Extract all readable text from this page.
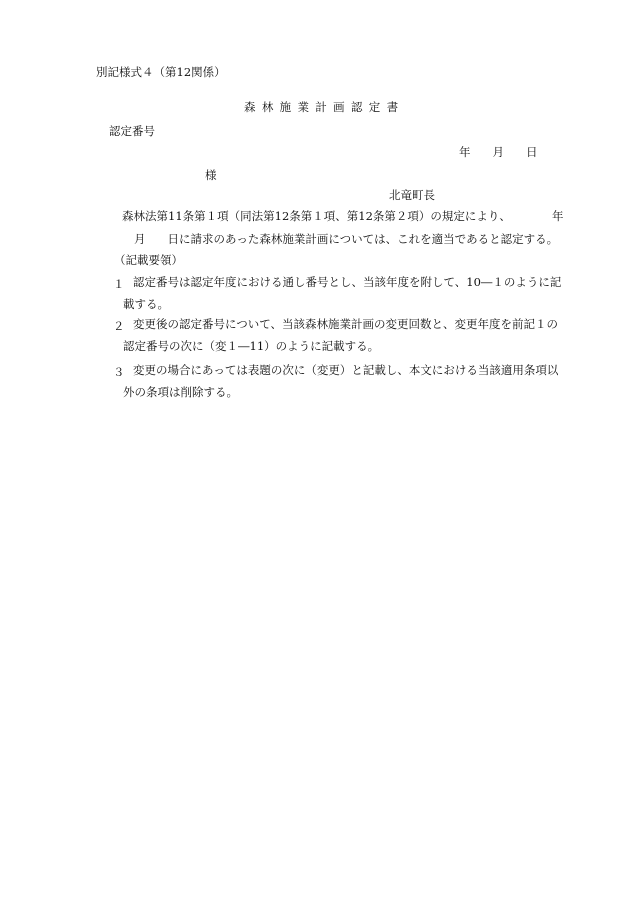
別記様式４（第12関係）
森林施業計画認定書
認定番号
年 月 日
様
北竜町長
森林法第11条第１項（同法第12条第１項、第12条第２項）の規定により、	年
月 日に請求のあった森林施業計画については、これを適当であると認定する。
（記載要領）
１ 認定番号は認定年度における通し番号とし、当該年度を附して、10―１のように記
載する。
２ 変更後の認定番号について、当該森林施業計画の変更回数と、変更年度を前記１の
認定番号の次に（変１―11）のように記載する。
３ 変更の場合にあっては表題の次に（変更）と記載し、本文における当該適用条項以
外の条項は削除する。
